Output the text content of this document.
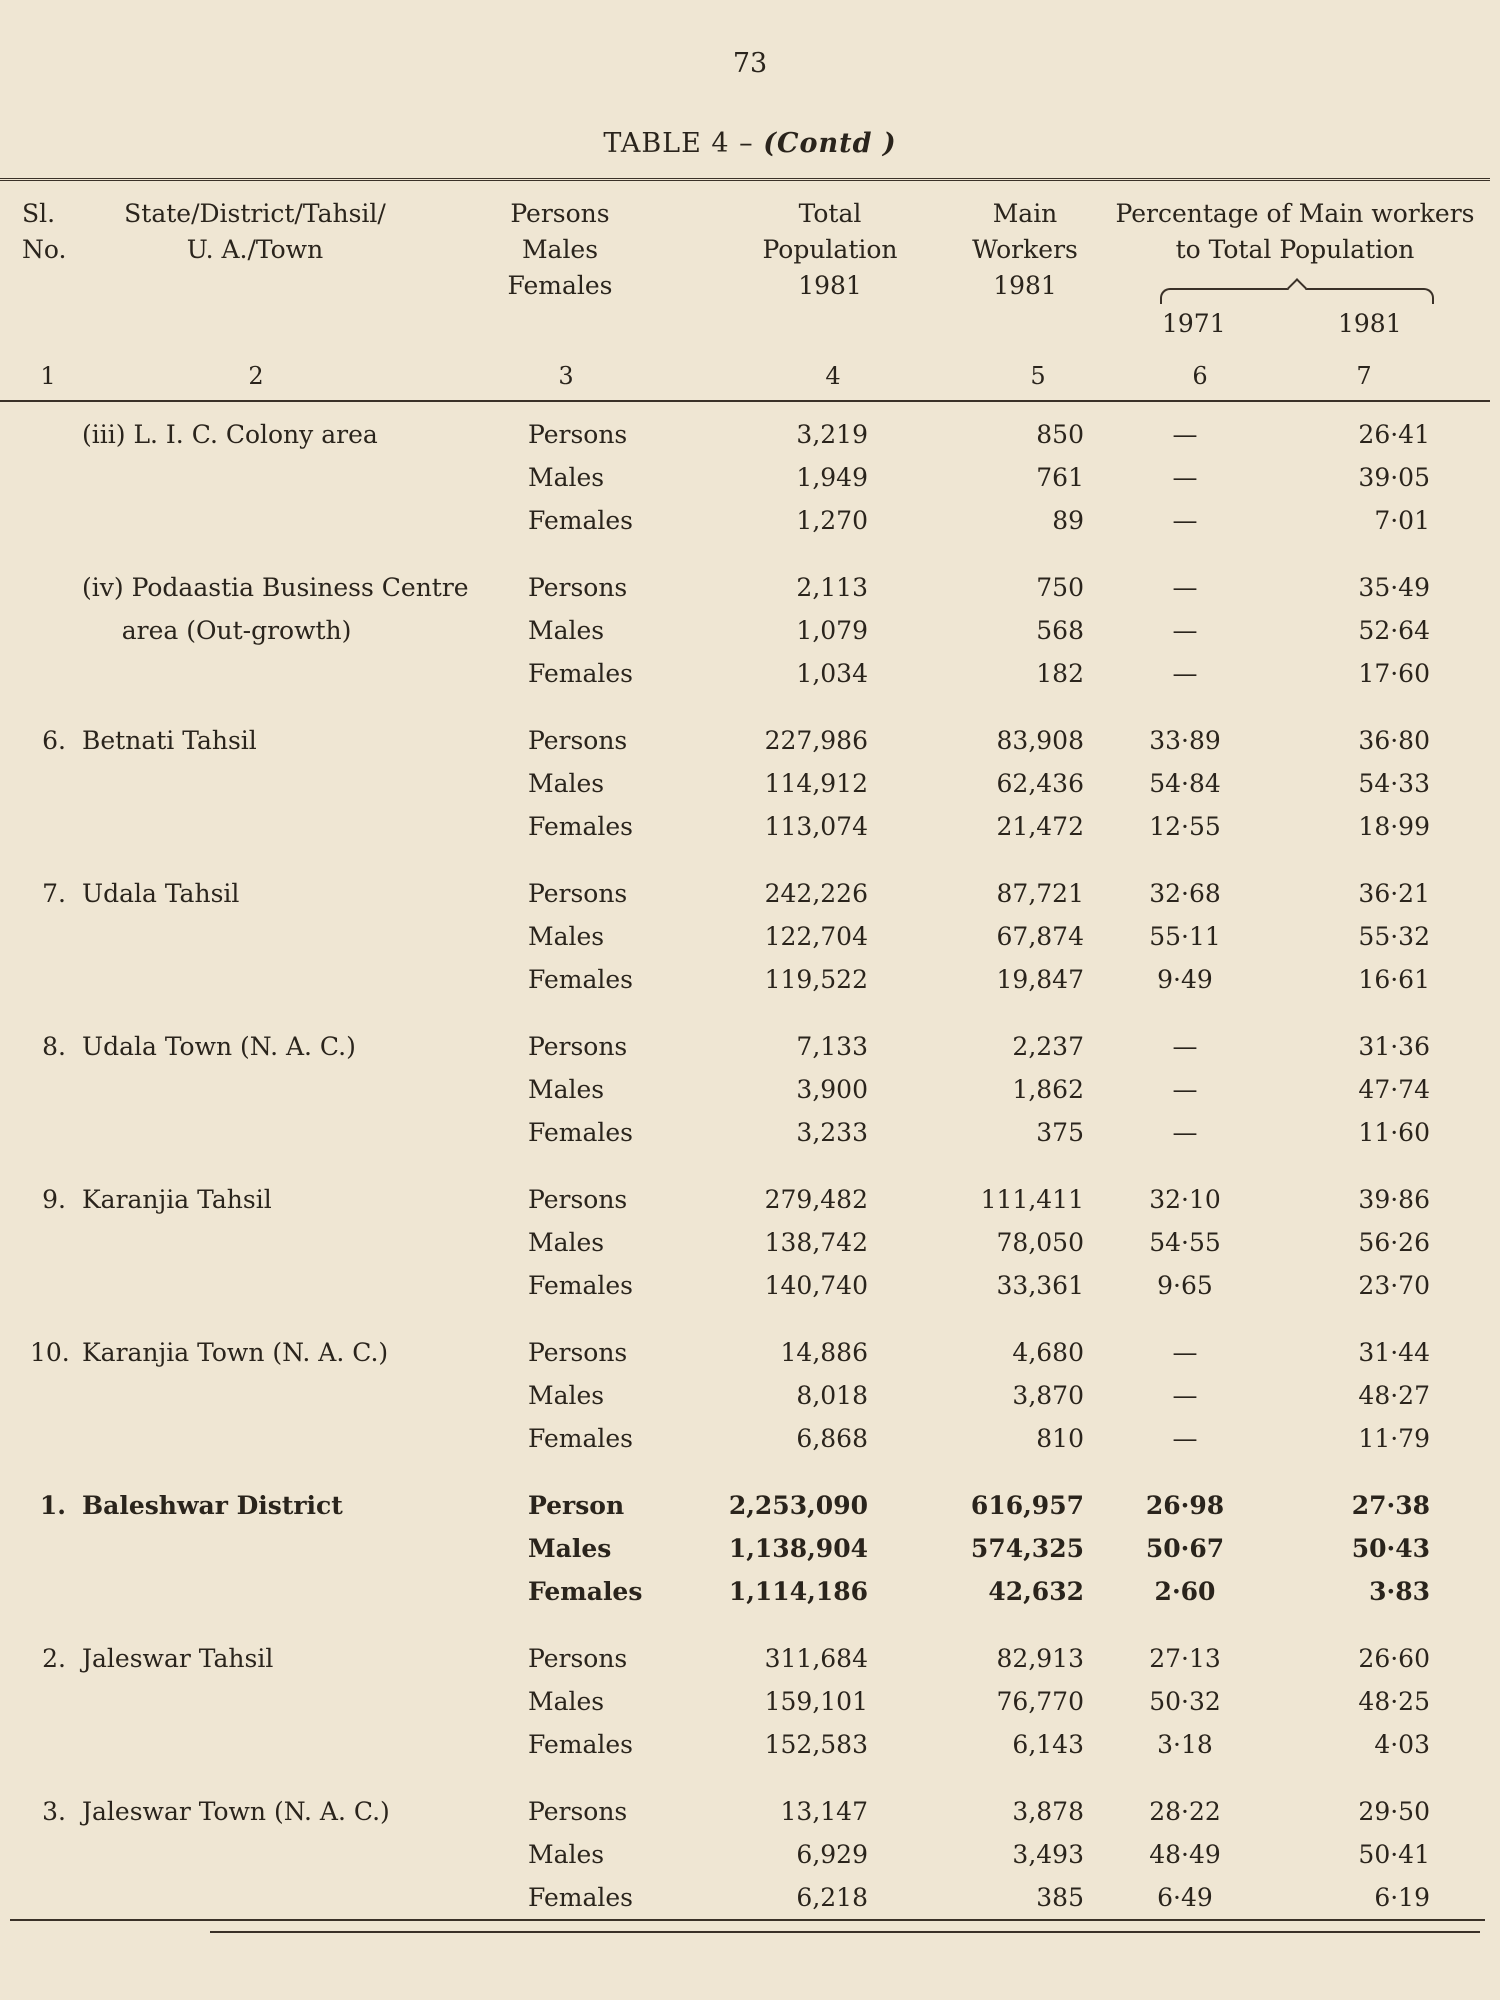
73
TABLE 4 – (Contd )
Sl.
No.
State/District/Tahsil/
U. A./Town
Persons
Males
Females
Total
Population
1981
Main
Workers
1981
Percentage of Main workers
to Total Population
1971	1981
1	2	3	4	5	6	7
(iii) L. I. C. Colony area	Persons	3,219	850	—	26·41
Males	1,949	761	—	39·05
Females	1,270	89	—	7·01
(iv) Podaastia Business Centre	Persons	2,113	750	—	35·49
area (Out-growth)	Males	1,079	568	—	52·64
Females	1,034	182	—	17·60
6. Betnati Tahsil	Persons	227,986	83,908	33·89	36·80
Males	114,912	62,436	54·84	54·33
Females	113,074	21,472	12·55	18·99
7. Udala Tahsil	Persons	242,226	87,721	32·68	36·21
Males	122,704	67,874	55·11	55·32
Females	119,522	19,847	9·49	16·61
8. Udala Town (N. A. C.)	Persons	7,133	2,237	—	31·36
Males	3,900	1,862	—	47·74
Females	3,233	375	—	11·60
9. Karanjia Tahsil	Persons	279,482	111,411	32·10	39·86
Males	138,742	78,050	54·55	56·26
Females	140,740	33,361	9·65	23·70
10. Karanjia Town (N. A. C.)	Persons	14,886	4,680	—	31·44
Males	8,018	3,870	—	48·27
Females	6,868	810	—	11·79
1. Baleshwar District	Person	2,253,090	616,957	26·98	27·38
Males	1,138,904	574,325	50·67	50·43
Females	1,114,186	42,632	2·60	3·83
2. Jaleswar Tahsil	Persons	311,684	82,913	27·13	26·60
Males	159,101	76,770	50·32	48·25
Females	152,583	6,143	3·18	4·03
3. Jaleswar Town (N. A. C.)	Persons	13,147	3,878	28·22	29·50
Males	6,929	3,493	48·49	50·41
Females	6,218	385	6·49	6·19
